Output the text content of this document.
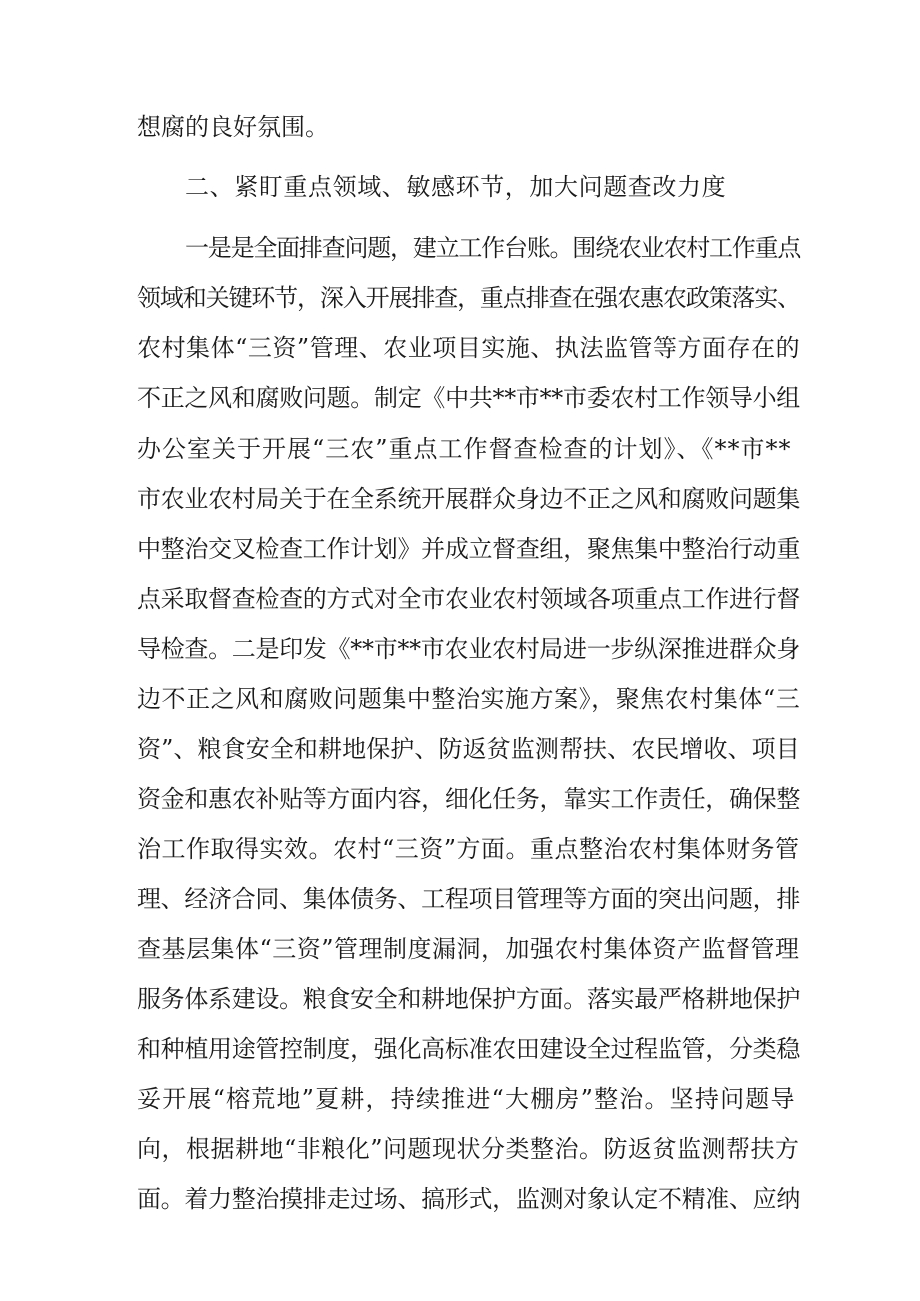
想腐的良好氛围。
二、紧盯重点领域、敏感环节，加大问题查改力度
一是是全面排查问题，建立工作台账。围绕农业农村工作重点
领域和关键环节，深入开展排查，重点排查在强农惠农政策落实、
农村集体“三资”管理、农业项目实施、执法监管等方面存在的
不正之风和腐败问题。制定《中共**市**市委农村工作领导小组
办公室关于开展“三农”重点工作督查检查的计划》、《**市**
市农业农村局关于在全系统开展群众身边不正之风和腐败问题集
中整治交叉检查工作计划》并成立督查组，聚焦集中整治行动重
点采取督查检查的方式对全市农业农村领域各项重点工作进行督
导检查。二是印发《**市**市农业农村局进一步纵深推进群众身
边不正之风和腐败问题集中整治实施方案》，聚焦农村集体“三
资”、粮食安全和耕地保护、防返贫监测帮扶、农民增收、项目
资金和惠农补贴等方面内容，细化任务，靠实工作责任，确保整
治工作取得实效。农村“三资”方面。重点整治农村集体财务管
理、经济合同、集体债务、工程项目管理等方面的突出问题，排
查基层集体“三资”管理制度漏洞，加强农村集体资产监督管理
服务体系建设。粮食安全和耕地保护方面。落实最严格耕地保护
和种植用途管控制度，强化高标准农田建设全过程监管，分类稳
妥开展“榕荒地”夏耕，持续推进“大棚房”整治。坚持问题导
向，根据耕地“非粮化”问题现状分类整治。防返贫监测帮扶方
面。着力整治摸排走过场、搞形式，监测对象认定不精准、应纳
